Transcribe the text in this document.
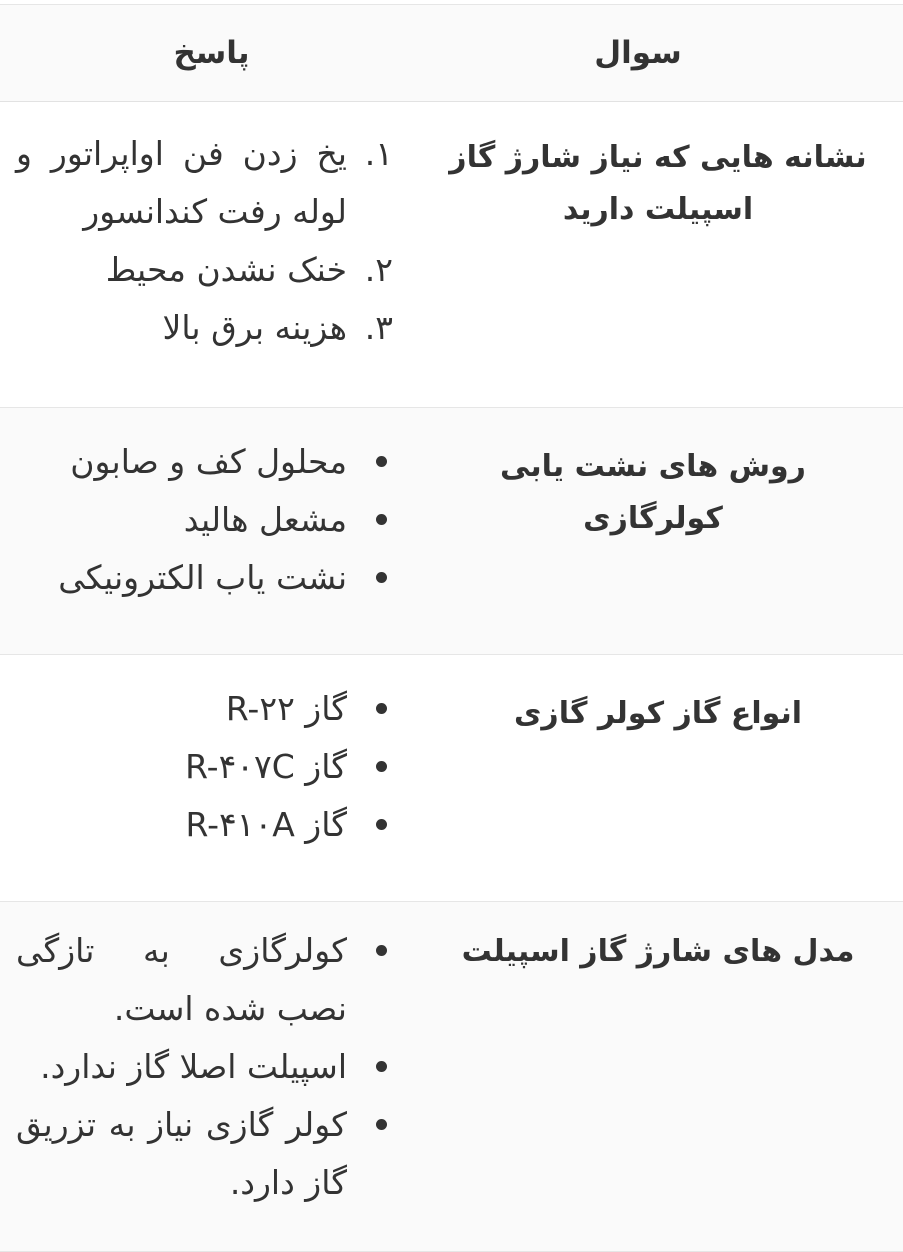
سوال
پاسخ
نشانه هایی که نیاز شارژ گاز اسپیلت دارید
۱.
یخ زدن فن اواپراتور و لوله رفت کندانسور
۲.
خنک نشدن محیط
۳.
هزینه برق بالا
روش های نشت یابی کولرگازی
محلول کف و صابون
مشعل هالید
نشت یاب الکترونیکی
انواع گاز کولر گازی
گاز R-۲۲
گاز R-۴۰۷C
گاز R-۴۱۰A
مدل های شارژ گاز اسپیلت
کولرگازی به تازگی نصب شده است.
اسپیلت اصلا گاز ندارد.
کولر گازی نیاز به تزریق گاز دارد.
